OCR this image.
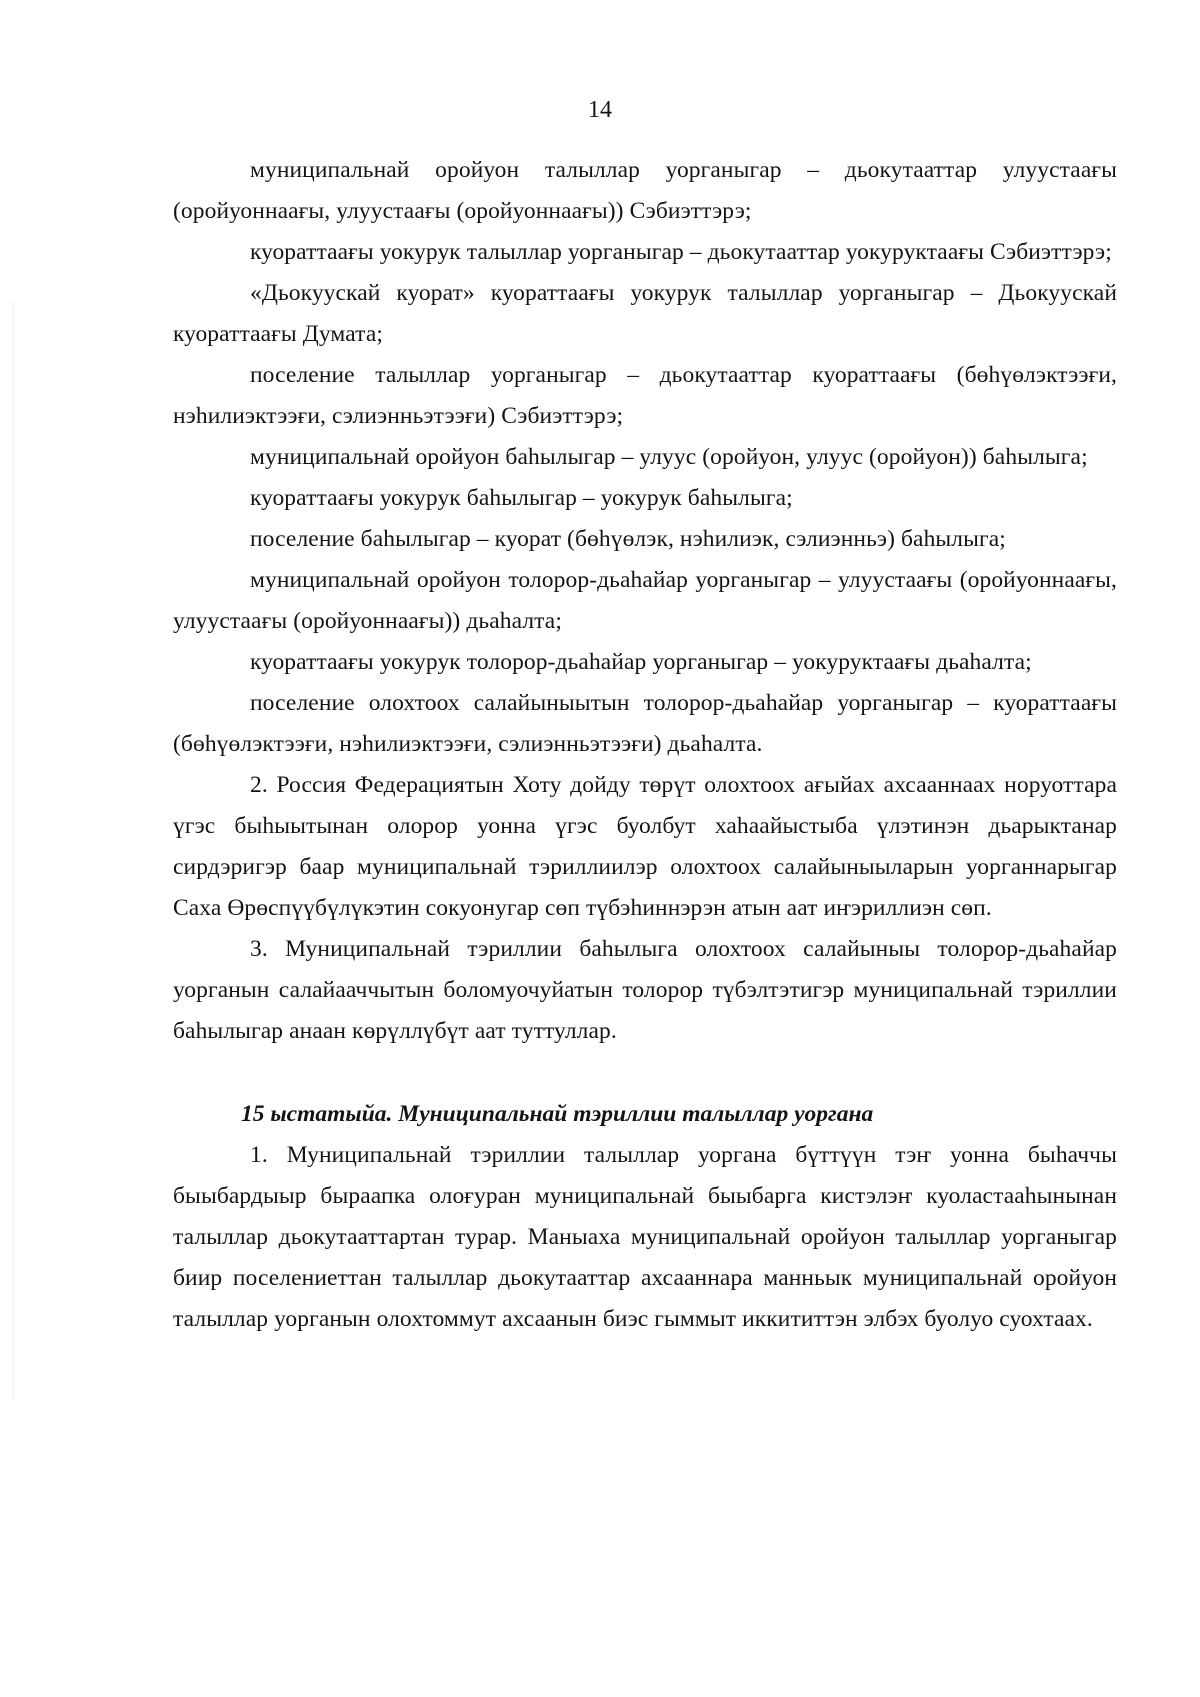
14

муниципальнай оройуон талыллар уорганыгар – дьокутааттар улуустаағы (оройуоннаағы, улуустаағы (оройуоннаағы)) Сэбиэттэрэ;

куораттаағы уокурук талыллар уорганыгар – дьокутааттар уокуруктаағы Сэбиэттэрэ;

«Дьокуускай куорат» куораттаағы уокурук талыллар уорганыгар – Дьокуускай куораттаағы Думата;

поселение талыллар уорганыгар – дьокутааттар куораттаағы (бөһүөлэктээғи, нэһилиэктээғи, сэлиэнньэтээғи) Сэбиэттэрэ;

муниципальнай оройуон баһылыгар – улуус (оройуон, улуус (оройуон)) баһылыга;

куораттаағы уокурук баһылыгар – уокурук баһылыга;

поселение баһылыгар – куорат (бөһүөлэк, нэһилиэк, сэлиэнньэ) баһылыга;

муниципальнай оройуон толорор-дьаһайар уорганыгар – улуустаағы (оройуоннаағы, улуустаағы (оройуоннаағы)) дьаһалта;

куораттаағы уокурук толорор-дьаһайар уорганыгар – уокуруктаағы дьаһалта;

поселение олохтоох салайыныытын толорор-дьаһайар уорганыгар – куораттаағы (бөһүөлэктээғи, нэһилиэктээғи, сэлиэнньэтээғи) дьаһалта.

2. Россия Федерациятын Хоту дойду төрүт олохтоох ағыйах ахсааннаах норуоттара үгэс быһыытынан олорор уонна үгэс буолбут хаһаайыстыба үлэтинэн дьарыктанар сирдэригэр баар муниципальнай тэриллиилэр олохтоох салайыныыларын уорганнарыгар Саха Өрөспүүбүлүкэтин сокуонугар сөп түбэһиннэрэн атын аат иҥэриллиэн сөп.

3. Муниципальнай тэриллии баһылыга олохтоох салайыныы толорор-дьаһайар уорганын салайааччытын боломуочуйатын толорор түбэлтэтигэр муниципальнай тэриллии баһылыгар анаан көрүллүбүт аат туттуллар.

15 ыстатыйа. Муниципальнай тэриллии талыллар уоргана

1. Муниципальнай тэриллии талыллар уоргана бүттүүн тэҥ уонна быһаччы быыбардыыр быраапка олоғуран муниципальнай быыбарга кистэлэҥ куоластааһынынан талыллар дьокутааттартан турар. Маныаха муниципальнай оройуон талыллар уорганыгар биир поселениеттан талыллар дьокутааттар ахсааннара манньык муниципальнай оройуон талыллар уорганын олохтоммут ахсаанын биэс гыммыт иккититтэн элбэх буолуо суохтаах.
